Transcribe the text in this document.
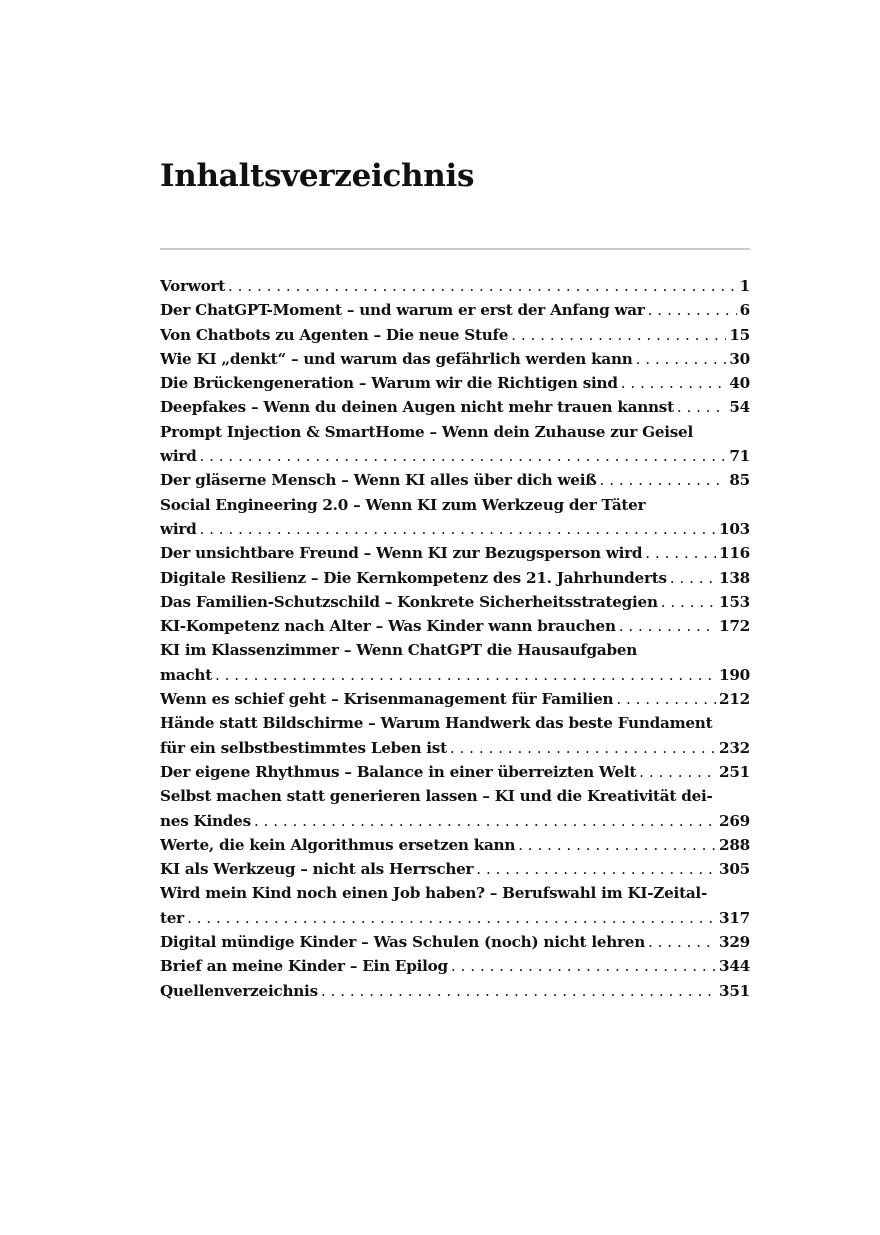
Inhaltsverzeichnis
Vorwort . . .	1
Der ChatGPT-Moment – und warum er erst der Anfang war . . .	6
Von Chatbots zu Agenten – Die neue Stufe . . .	15
Wie KI „denkt“ – und warum das gefährlich werden kann . . .	30
Die Brückengeneration – Warum wir die Richtigen sind . . .	40
Deepfakes – Wenn du deinen Augen nicht mehr trauen kannst . . .	54
Prompt Injection & SmartHome – Wenn dein Zuhause zur Geisel
wird . . .	71
Der gläserne Mensch – Wenn KI alles über dich weiß . . .	85
Social Engineering 2.0 – Wenn KI zum Werkzeug der Täter
wird . . .	103
Der unsichtbare Freund – Wenn KI zur Bezugsperson wird . . .	116
Digitale Resilienz – Die Kernkompetenz des 21. Jahrhunderts . . .	138
Das Familien-Schutzschild – Konkrete Sicherheitsstrategien . . .	153
KI-Kompetenz nach Alter – Was Kinder wann brauchen . . .	172
KI im Klassenzimmer – Wenn ChatGPT die Hausaufgaben
macht . . .	190
Wenn es schief geht – Krisenmanagement für Familien . . .	212
Hände statt Bildschirme – Warum Handwerk das beste Fundament
für ein selbstbestimmtes Leben ist . . .	232
Der eigene Rhythmus – Balance in einer überreizten Welt . . .	251
Selbst machen statt generieren lassen – KI und die Kreativität dei-
nes Kindes . . .	269
Werte, die kein Algorithmus ersetzen kann . . .	288
KI als Werkzeug – nicht als Herrscher . . .	305
Wird mein Kind noch einen Job haben? – Berufswahl im KI-Zeital-
ter . . .	317
Digital mündige Kinder – Was Schulen (noch) nicht lehren . . .	329
Brief an meine Kinder – Ein Epilog . . .	344
Quellenverzeichnis . . .	351
